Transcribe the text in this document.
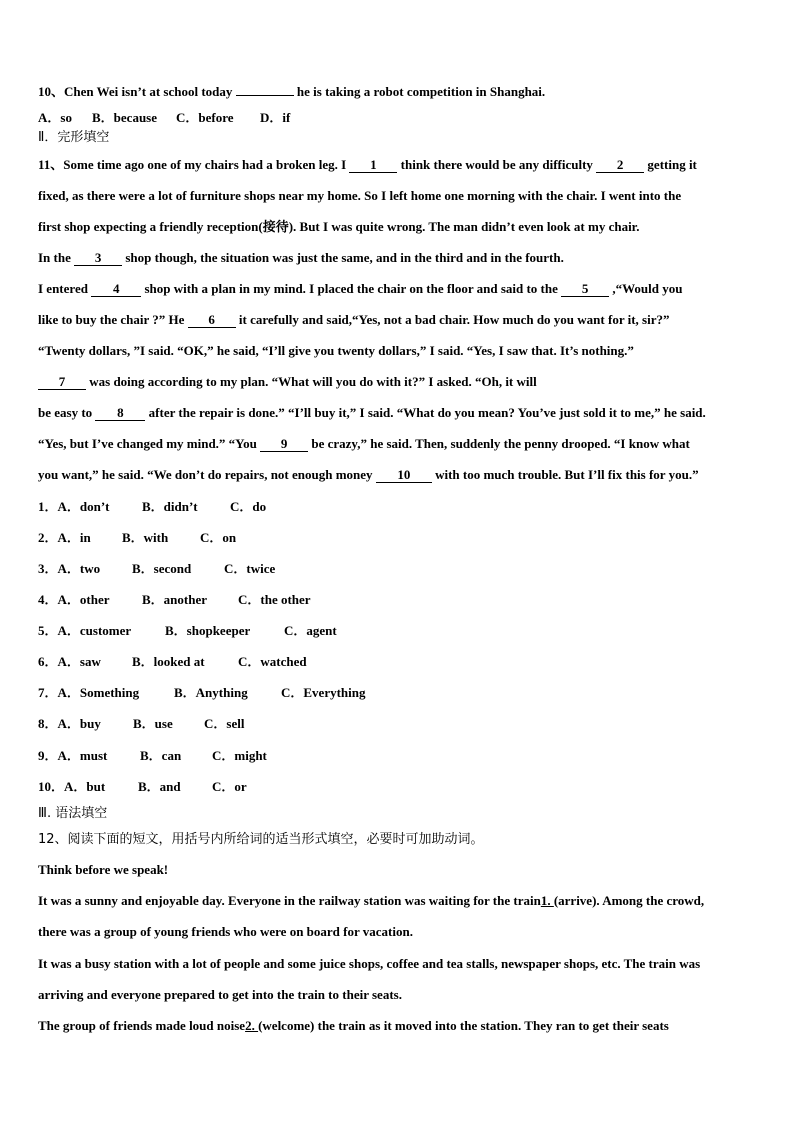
10、Chen Wei isn’t at school today	he is taking a robot competition in Shanghai.
A．so B．because C．before D．if
Ⅱ．完形填空
11、Some time ago one of my chairs had a broken leg. I 1 think there would be any difficulty 2 getting it
fixed, as there were a lot of furniture shops near my home. So I left home one morning with the chair. I went into the
first shop expecting a friendly reception(接待). But I was quite wrong. The man didn’t even look at my chair.
In the 3 shop though, the situation was just the same, and in the third and in the fourth.
I entered 4 shop with a plan in my mind. I placed the chair on the floor and said to the 5 ,“Would you
like to buy the chair ?” He 6 it carefully and said,“Yes, not a bad chair. How much do you want for it, sir?”
“Twenty dollars, ”I said. “OK,” he said, “I’ll give you twenty dollars,” I said. “Yes, I saw that. It’s nothing.”
7 was doing according to my plan. “What will you do with it?” I asked. “Oh, it will
be easy to 8 after the repair is done.” “I’ll buy it,” I said. “What do you mean? You’ve just sold it to me,” he said.
“Yes, but I’ve changed my mind.” “You 9 be crazy,” he said. Then, suddenly the penny drooped. “I know what
you want,” he said. “We don’t do repairs, not enough money 10 with too much trouble. But I’ll fix this for you.”
1．A．don’t B．didn’t C．do
2．A．in B．with C．on
3．A．two B．second	C．twice
4．A．other	B．another C．the other
5．A．customer	B．shopkeeper	C．agent
6．A．saw B．looked at	C．watched
7．A．Something	B．Anything	C．Everything
8．A．buy B．use C．sell
9．A．must	B．can C．might
10．A．but	B．and C．or
Ⅲ. 语法填空
12、阅读下面的短文，用括号内所给词的适当形式填空，必要时可加助动词。
Think before we speak!
It was a sunny and enjoyable day. Everyone in the railway station was waiting for the train1. (arrive). Among the crowd,
there was a group of young friends who were on board for vacation.
It was a busy station with a lot of people and some juice shops, coffee and tea stalls, newspaper shops, etc. The train was
arriving and everyone prepared to get into the train to their seats.
The group of friends made loud noise2. (welcome) the train as it moved into the station. They ran to get their seats
